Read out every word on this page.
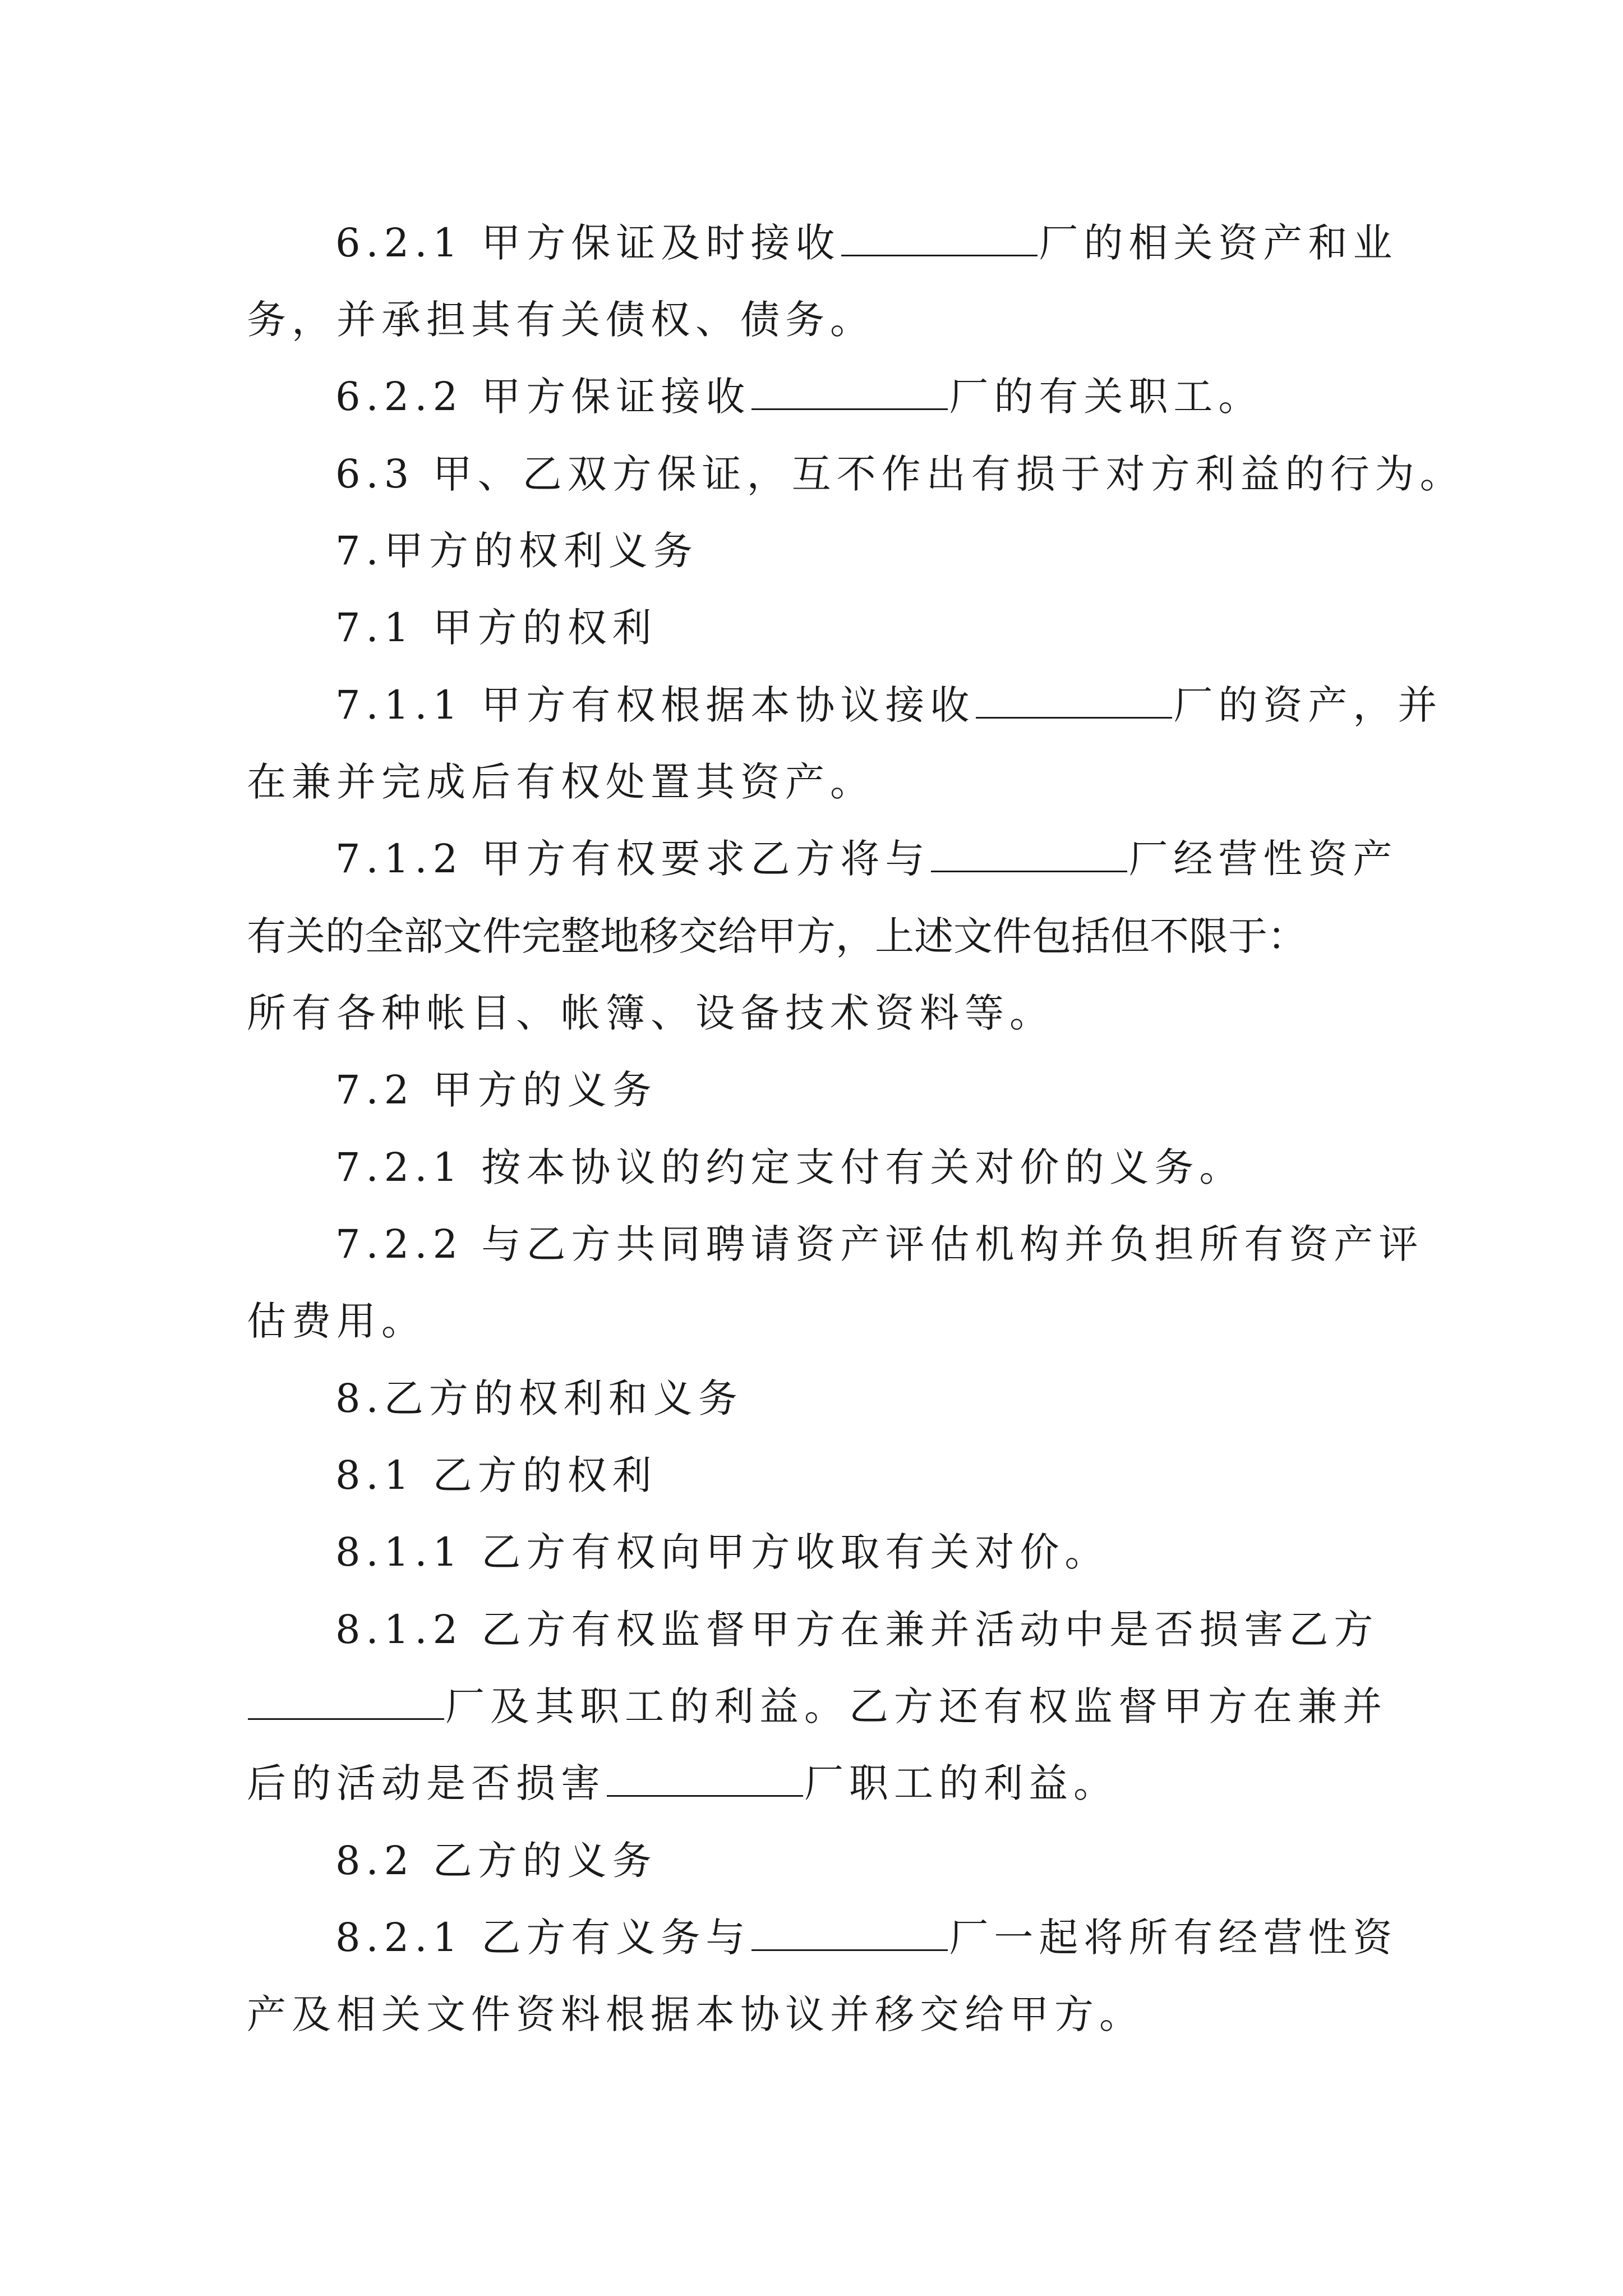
6.2.1 甲方保证及时接收	厂的相关资产和业
务，并承担其有关债权、债务。
6.2.2 甲方保证接收	厂的有关职工。
6.3 甲、乙双方保证，互不作出有损于对方利益的行为。
7.甲方的权利义务
7.1 甲方的权利
7.1.1 甲方有权根据本协议接收	厂的资产，并
在兼并完成后有权处置其资产。
7.1.2 甲方有权要求乙方将与	厂经营性资产
有关的全部文件完整地移交给甲方，上述文件包括但不限于：
所有各种帐目、帐簿、设备技术资料等。
7.2 甲方的义务
7.2.1 按本协议的约定支付有关对价的义务。
7.2.2 与乙方共同聘请资产评估机构并负担所有资产评
估费用。
8.乙方的权利和义务
8.1 乙方的权利
8.1.1 乙方有权向甲方收取有关对价。
8.1.2 乙方有权监督甲方在兼并活动中是否损害乙方
厂及其职工的利益。乙方还有权监督甲方在兼并
后的活动是否损害	厂职工的利益。
8.2 乙方的义务
8.2.1 乙方有义务与	厂一起将所有经营性资
产及相关文件资料根据本协议并移交给甲方。
